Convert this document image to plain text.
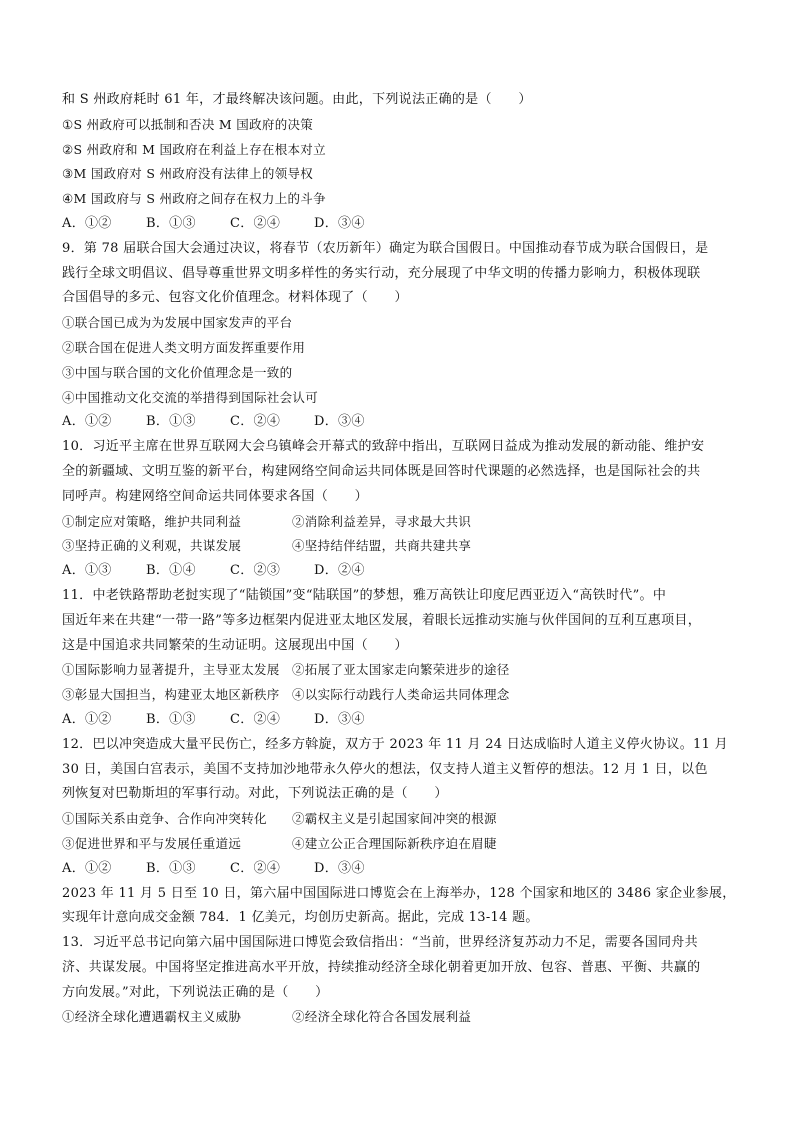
和 S 州政府耗时 61 年，才最终解决该问题。由此，下列说法正确的是（　　）
①S 州政府可以抵制和否决 M 国政府的决策
②S 州政府和 M 国政府在利益上存在根本对立
③M 国政府对 S 州政府没有法律上的领导权
④M 国政府与 S 州政府之间存在权力上的斗争
A．①②	B．①③	C．②④	D．③④
9．第 78 届联合国大会通过决议，将春节（农历新年）确定为联合国假日。中国推动春节成为联合国假日，是
践行全球文明倡议、倡导尊重世界文明多样性的务实行动，充分展现了中华文明的传播力影响力，积极体现联
合国倡导的多元、包容文化价值理念。材料体现了（　　）
①联合国已成为为发展中国家发声的平台
②联合国在促进人类文明方面发挥重要作用
③中国与联合国的文化价值理念是一致的
④中国推动文化交流的举措得到国际社会认可
A．①②	B．①③	C．②④	D．③④
10．习近平主席在世界互联网大会乌镇峰会开幕式的致辞中指出，互联网日益成为推动发展的新动能、维护安
全的新疆域、文明互鉴的新平台，构建网络空间命运共同体既是回答时代课题的必然选择，也是国际社会的共
同呼声。构建网络空间命运共同体要求各国（　　）
①制定应对策略，维护共同利益	②消除利益差异，寻求最大共识
③坚持正确的义利观，共谋发展	④坚持结伴结盟，共商共建共享
A．①③	B．①④	C．②③	D．②④
11．中老铁路帮助老挝实现了“陆锁国”变“陆联国”的梦想，雅万高铁让印度尼西亚迈入“高铁时代”。中
国近年来在共建“一带一路”等多边框架内促进亚太地区发展，着眼长远推动实施与伙伴国间的互利互惠项目，
这是中国追求共同繁荣的生动证明。这展现出中国（　　）
①国际影响力显著提升，主导亚太发展 ②拓展了亚太国家走向繁荣进步的途径
③彰显大国担当，构建亚太地区新秩序 ④以实际行动践行人类命运共同体理念
A．①②	B．①③	C．②④	D．③④
12．巴以冲突造成大量平民伤亡，经多方斡旋，双方于 2023 年 11 月 24 日达成临时人道主义停火协议。11 月
30 日，美国白宫表示，美国不支持加沙地带永久停火的想法，仅支持人道主义暂停的想法。12 月 1 日，以色
列恢复对巴勒斯坦的军事行动。对此，下列说法正确的是（　　）
①国际关系由竞争、合作向冲突转化	②霸权主义是引起国家间冲突的根源
③促进世界和平与发展任重道远	④建立公正合理国际新秩序迫在眉睫
A．①②	B．①③	C．②④	D．③④
2023 年 11 月 5 日至 10 日，第六届中国国际进口博览会在上海举办，128 个国家和地区的 3486 家企业参展，
实现年计意向成交金额 784．1 亿美元，均创历史新高。据此，完成 13-14 题。
13．习近平总书记向第六届中国国际进口博览会致信指出：“当前，世界经济复苏动力不足，需要各国同舟共
济、共谋发展。中国将坚定推进高水平开放，持续推动经济全球化朝着更加开放、包容、普惠、平衡、共赢的
方向发展。”对此，下列说法正确的是（　　）
①经济全球化遭遇霸权主义威胁	②经济全球化符合各国发展利益
